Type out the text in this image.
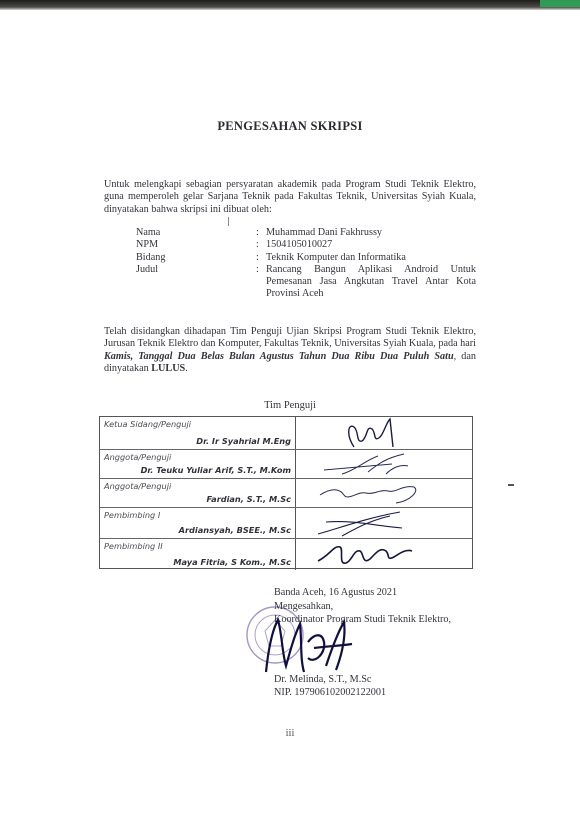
PENGESAHAN SKRIPSI
Untuk melengkapi sebagian persyaratan akademik pada Program Studi Teknik Elektro, guna memperoleh gelar Sarjana Teknik pada Fakultas Teknik, Universitas Syiah Kuala, dinyatakan bahwa skripsi ini dibuat oleh:
Nama	: Muhammad Dani Fakhrussy
NPM	: 1504105010027
Bidang	: Teknik Komputer dan Informatika
Judul	: Rancang Bangun Aplikasi Android Untuk Pemesanan Jasa Angkutan Travel Antar Kota Provinsi Aceh
Telah disidangkan dihadapan Tim Penguji Ujian Skripsi Program Studi Teknik Elektro, Jurusan Teknik Elektro dan Komputer, Fakultas Teknik, Universitas Syiah Kuala, pada hari Kamis, Tanggal Dua Belas Bulan Agustus Tahun Dua Ribu Dua Puluh Satu, dan dinyatakan LULUS.
Tim Penguji
Ketua Sidang/Penguji
Dr. Ir Syahrial M.Eng
Anggota/Penguji
Dr. Teuku Yuliar Arif, S.T., M.Kom
Anggota/Penguji
Fardian, S.T., M.Sc
Pembimbing I
Ardiansyah, BSEE., M.Sc
Pembimbing II
Maya Fitria, S Kom., M.Sc
Banda Aceh, 16 Agustus 2021
Mengesahkan,
Koordinator Program Studi Teknik Elektro,
Dr. Melinda, S.T., M.Sc
NIP. 197906102002122001
iii
